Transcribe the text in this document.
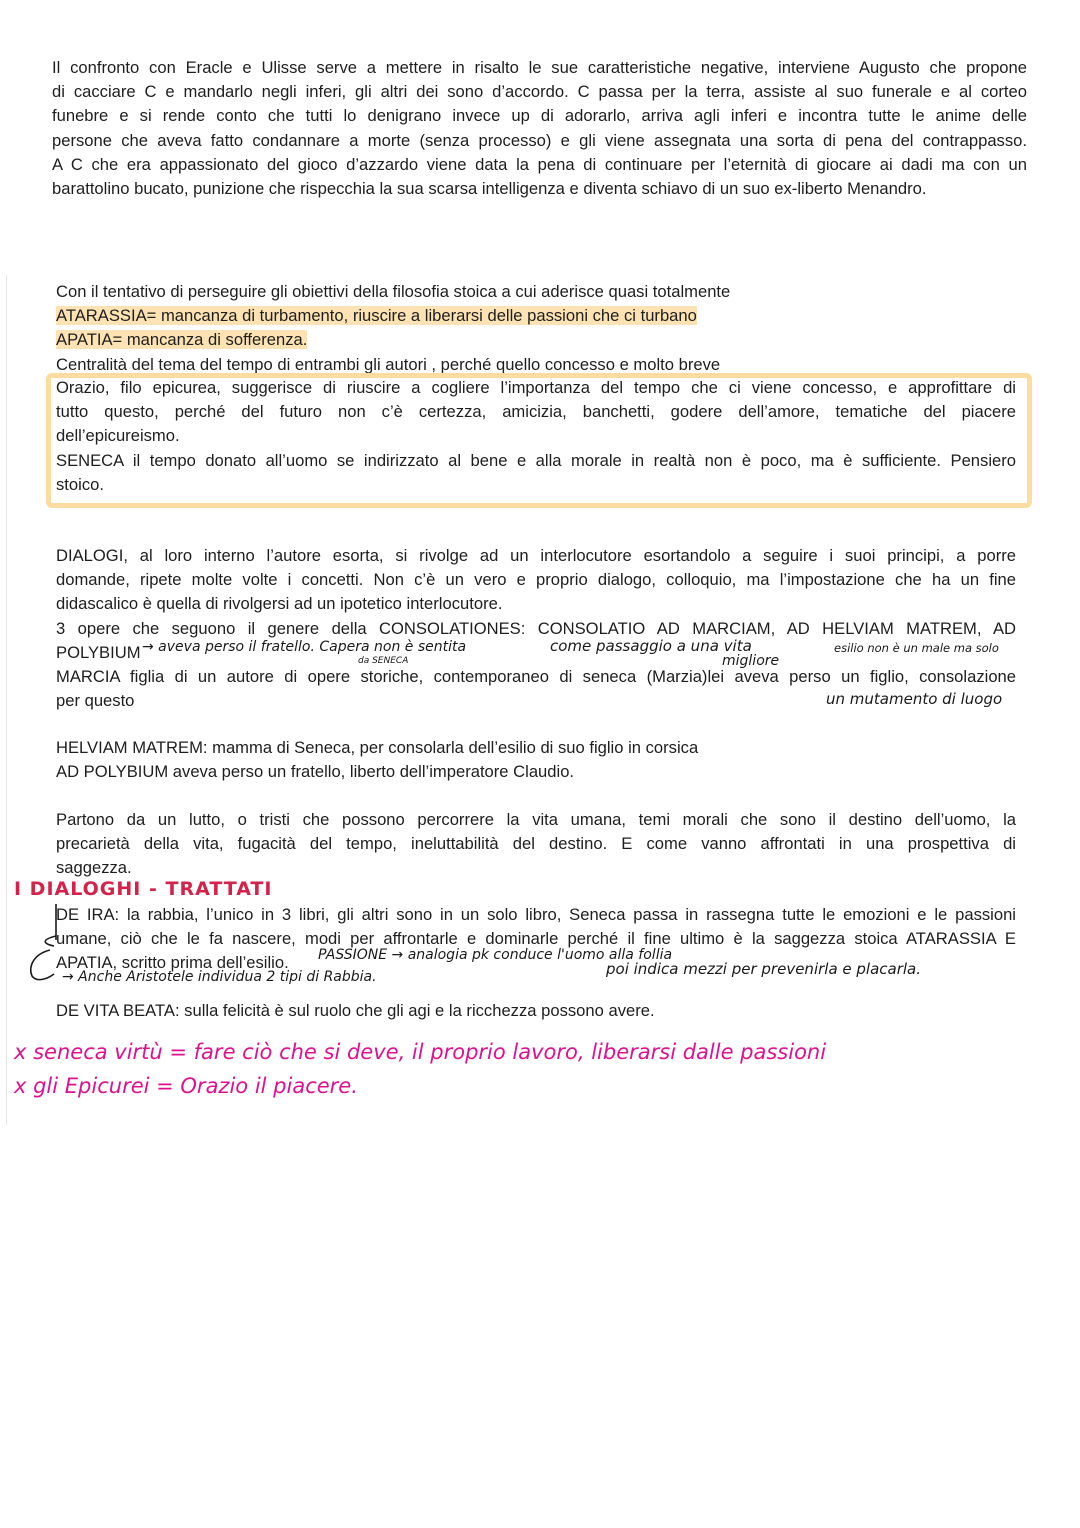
Il confronto con Eracle e Ulisse serve a mettere in risalto le sue caratteristiche negative, interviene Augusto che propone
di cacciare C e mandarlo negli inferi, gli altri dei sono d’accordo. C passa per la terra, assiste al suo funerale e al corteo
funebre e si rende conto che tutti lo denigrano invece up di adorarlo, arriva agli inferi e incontra tutte le anime delle
persone che aveva fatto condannare a morte (senza processo) e gli viene assegnata una sorta di pena del contrappasso.
A C che era appassionato del gioco d’azzardo viene data la pena di continuare per l’eternità di giocare ai dadi ma con un
barattolino bucato, punizione che rispecchia la sua scarsa intelligenza e diventa schiavo di un suo ex-liberto Menandro.
Con il tentativo di perseguire gli obiettivi della filosofia stoica a cui aderisce quasi totalmente
ATARASSIA= mancanza di turbamento, riuscire a liberarsi delle passioni che ci turbano
APATIA= mancanza di sofferenza.
Centralità del tema del tempo di entrambi gli autori , perché quello concesso e molto breve
Orazio, filo epicurea, suggerisce di riuscire a cogliere l’importanza del tempo che ci viene concesso, e approfittare di
tutto questo, perché del futuro non c’è certezza, amicizia, banchetti, godere dell’amore, tematiche del piacere
dell’epicureismo.
SENECA il tempo donato all’uomo se indirizzato al bene e alla morale in realtà non è poco, ma è sufficiente. Pensiero
stoico.
DIALOGI, al loro interno l’autore esorta, si rivolge ad un interlocutore esortandolo a seguire i suoi principi, a porre
domande, ripete molte volte i concetti. Non c’è un vero e proprio dialogo, colloquio, ma l’impostazione che ha un fine
didascalico è quella di rivolgersi ad un ipotetico interlocutore.
3 opere che seguono il genere della CONSOLATIONES: CONSOLATIO AD MARCIAM, AD HELVIAM MATREM, AD
POLYBIUM
MARCIA figlia di un autore di opere storiche, contemporaneo di seneca (Marzia)lei aveva perso un figlio, consolazione
per questo
→ aveva perso il fratello. Capera non è sentita
da SENECA
come passaggio a una vita
migliore
esilio non è un male ma solo
un mutamento di luogo
HELVIAM MATREM: mamma di Seneca, per consolarla dell’esilio di suo figlio in corsica
AD POLYBIUM aveva perso un fratello, liberto dell’imperatore Claudio.
Partono da un lutto, o tristi che possono percorrere la vita umana, temi morali che sono il destino dell’uomo, la
precarietà della vita, fugacità del tempo, ineluttabilità del destino. E come vanno affrontati in una prospettiva di
saggezza.
I DIALOGHI - TRATTATI
DE IRA: la rabbia, l’unico in 3 libri, gli altri sono in un solo libro, Seneca passa in rassegna tutte le emozioni e le passioni
umane, ciò che le fa nascere, modi per affrontarle e dominarle perché il fine ultimo è la saggezza stoica ATARASSIA E
APATIA, scritto prima dell’esilio.	PASSIONE → analogia pk conduce l'uomo alla follia
→ Anche Aristotele individua 2 tipi di Rabbia.	poi indica mezzi per prevenirla e placarla.
DE VITA BEATA: sulla felicità è sul ruolo che gli agi e la ricchezza possono avere.
x seneca virtù = fare ciò che si deve, il proprio lavoro, liberarsi dalle passioni
x gli Epicurei = Orazio il piacere.
